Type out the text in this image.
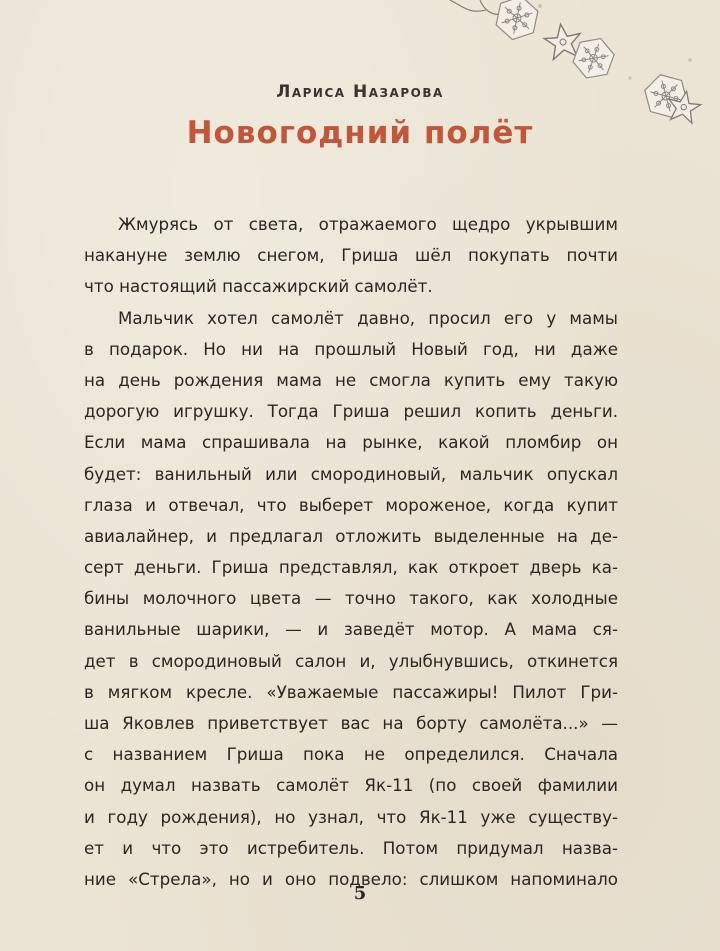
Лариса Назарова
Новогодний полёт
Жмурясь от света, отражаемого щедро укрывшим
накануне землю снегом, Гриша шёл покупать почти
что настоящий пассажирский самолёт.
Мальчик хотел самолёт давно, просил его у мамы
в подарок. Но ни на прошлый Новый год, ни даже
на день рождения мама не смогла купить ему такую
дорогую игрушку. Тогда Гриша решил копить деньги.
Если мама спрашивала на рынке, какой пломбир он
будет: ванильный или смородиновый, мальчик опускал
глаза и отвечал, что выберет мороженое, когда купит
авиалайнер, и предлагал отложить выделенные на де-
серт деньги. Гриша представлял, как откроет дверь ка-
бины молочного цвета — точно такого, как холодные
ванильные шарики, — и заведёт мотор. А мама ся-
дет в смородиновый салон и, улыбнувшись, откинется
в мягком кресле. «Уважаемые пассажиры! Пилот Гри-
ша Яковлев приветствует вас на борту самолёта...» —
с названием Гриша пока не определился. Сначала
он думал назвать самолёт Як-11 (по своей фамилии
и году рождения), но узнал, что Як-11 уже существу-
ет и что это истребитель. Потом придумал назва-
ние «Стрела», но и оно подвело: слишком напоминало
5
